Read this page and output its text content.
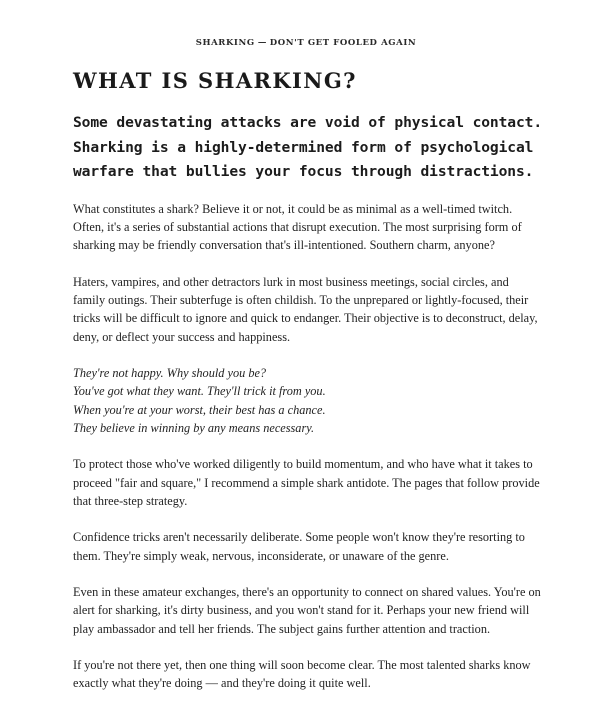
SHARKING — DON'T GET FOOLED AGAIN
WHAT IS SHARKING?

Some devastating attacks are void of physical contact. Sharking is a highly-determined form of psychological warfare that bullies your focus through distractions.

What constitutes a shark? Believe it or not, it could be as minimal as a well-timed twitch. Often, it's a series of substantial actions that disrupt execution. The most surprising form of sharking may be friendly conversation that's ill-intentioned. Southern charm, anyone?

Haters, vampires, and other detractors lurk in most business meetings, social circles, and family outings. Their subterfuge is often childish. To the unprepared or lightly-focused, their tricks will be difficult to ignore and quick to endanger. Their objective is to deconstruct, delay, deny, or deflect your success and happiness.

They're not happy. Why should you be?
You've got what they want. They'll trick it from you.
When you're at your worst, their best has a chance.
They believe in winning by any means necessary.

To protect those who've worked diligently to build momentum, and who have what it takes to proceed "fair and square," I recommend a simple shark antidote. The pages that follow provide that three-step strategy.

Confidence tricks aren't necessarily deliberate. Some people won't know they're resorting to them. They're simply weak, nervous, inconsiderate, or unaware of the genre.

Even in these amateur exchanges, there's an opportunity to connect on shared values. You're on alert for sharking, it's dirty business, and you won't stand for it. Perhaps your new friend will play ambassador and tell her friends. The subject gains further attention and traction.

If you're not there yet, then one thing will soon become clear. The most talented sharks know exactly what they're doing — and they're doing it quite well.
